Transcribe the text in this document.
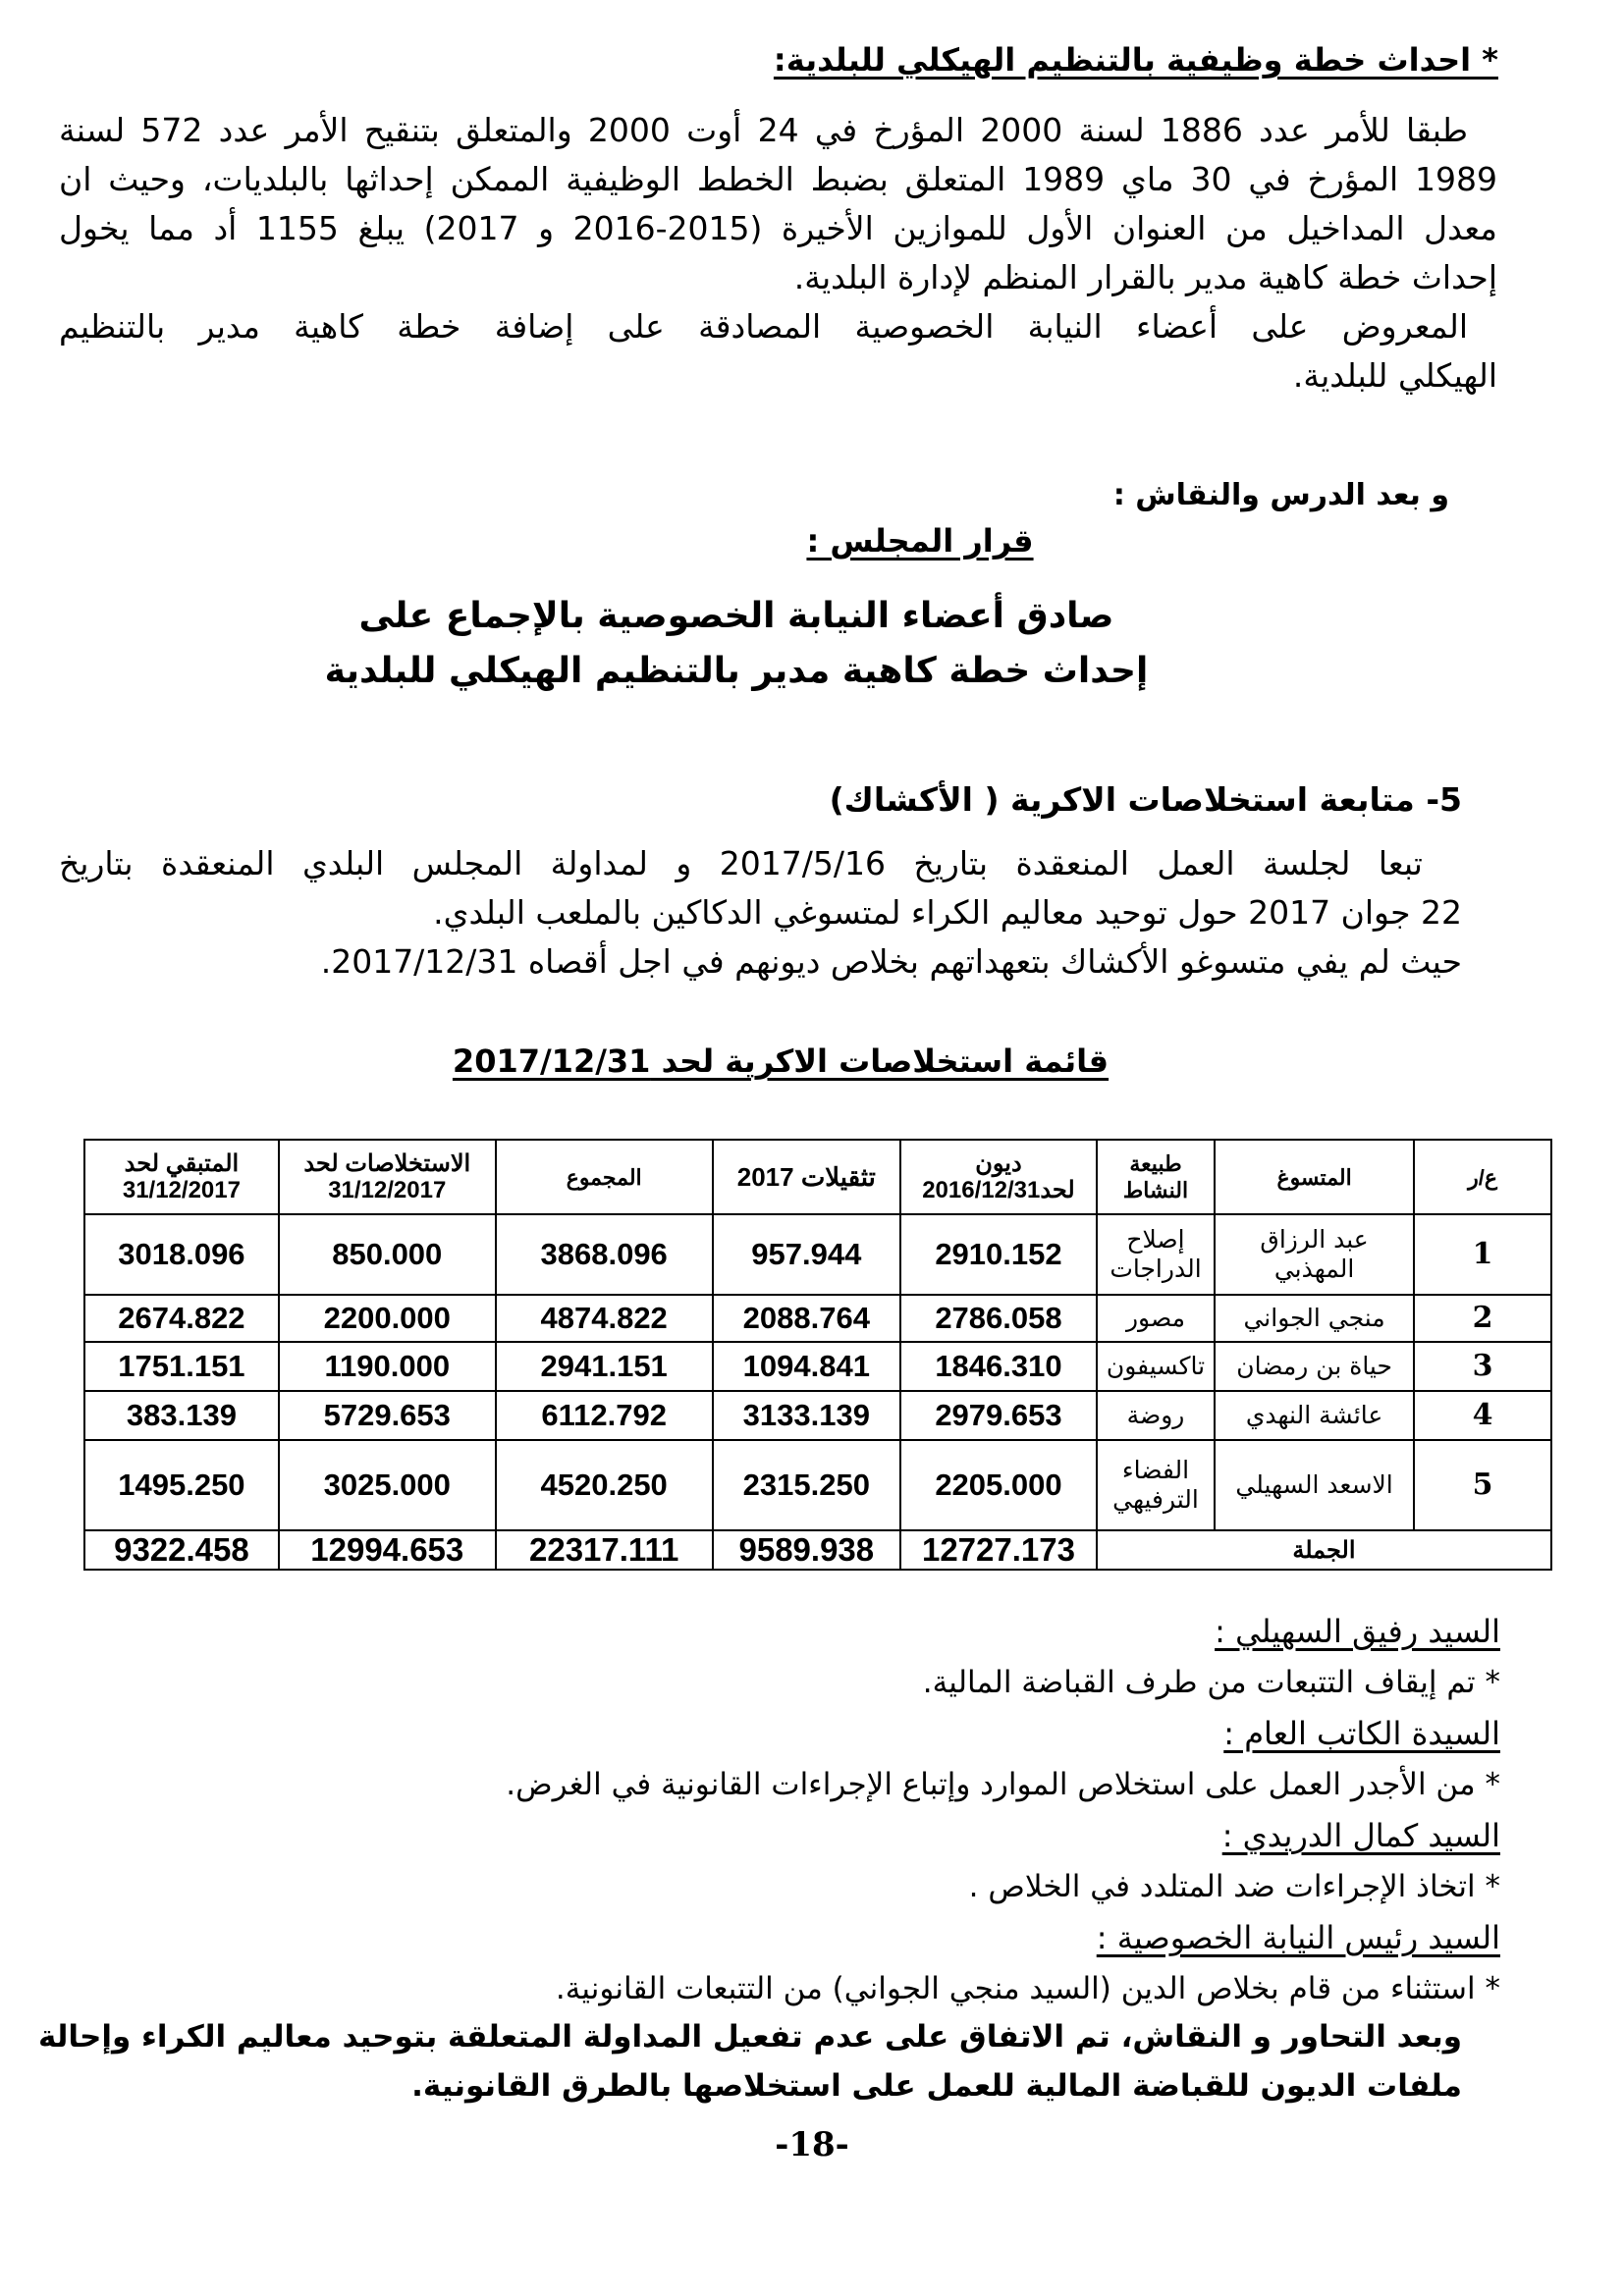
* احداث خطة وظيفية بالتنظيم الهيكلي للبلدية:
طبقا للأمر عدد 1886 لسنة 2000 المؤرخ في 24 أوت 2000 والمتعلق بتنقيح الأمر عدد 572 لسنة
1989 المؤرخ في 30 ماي 1989 المتعلق بضبط الخطط الوظيفية الممكن إحداثها بالبلديات، وحيث ان
معدل المداخيل من العنوان الأول للموازين الأخيرة (2015-2016 و 2017) يبلغ 1155 أد مما يخول
إحداث خطة كاهية مدير بالقرار المنظم لإدارة البلدية.
المعروض على أعضاء النيابة الخصوصية المصادقة على إضافة خطة كاهية مدير بالتنظيم
الهيكلي للبلدية.
و بعد الدرس والنقاش :
قرار المجلس :
صادق أعضاء النيابة الخصوصية بالإجماع على
إحداث خطة كاهية مدير بالتنظيم الهيكلي للبلدية
5- متابعة استخلاصات الاكرية ( الأكشاك)
تبعا لجلسة العمل المنعقدة بتاريخ 2017/5/16 و لمداولة المجلس البلدي المنعقدة بتاريخ
22 جوان 2017 حول توحيد معاليم الكراء لمتسوغي الدكاكين بالملعب البلدي.
حيث لم يفي متسوغو الأكشاك بتعهداتهم بخلاص ديونهم في اجل أقصاه 2017/12/31.
قائمة استخلاصات الاكرية لحد 2017/12/31
ع/ر	المتسوغ	طبيعة النشاط	ديون لحد2016/12/31	تثقيلات 2017	المجموع	الاستخلاصات لحد 31/12/2017	المتبقي لحد 31/12/2017
1	عبد الرزاق المهذبي	إصلاح الدراجات	2910.152	957.944	3868.096	850.000	3018.096
2	منجي الجواني	مصور	2786.058	2088.764	4874.822	2200.000	2674.822
3	حياة بن رمضان	تاكسيفون	1846.310	1094.841	2941.151	1190.000	1751.151
4	عائشة النهدي	روضة	2979.653	3133.139	6112.792	5729.653	383.139
5	الاسعد السهيلي	الفضاء الترفيهي	2205.000	2315.250	4520.250	3025.000	1495.250
الجملة			12727.173	9589.938	22317.111	12994.653	9322.458
السيد رفيق السهيلي :
* تم إيقاف التتبعات من طرف القباضة المالية.
السيدة الكاتب العام :
* من الأجدر العمل على استخلاص الموارد وإتباع الإجراءات القانونية في الغرض.
السيد كمال الدريدي :
* اتخاذ الإجراءات ضد المتلدد في الخلاص .
السيد رئيس النيابة الخصوصية :
* استثناء من قام بخلاص الدين (السيد منجي الجواني) من التتبعات القانونية.
وبعد التحاور و النقاش، تم الاتفاق على عدم تفعيل المداولة المتعلقة بتوحيد معاليم الكراء وإحالة
ملفات الديون للقباضة المالية للعمل على استخلاصها بالطرق القانونية.
-18-
